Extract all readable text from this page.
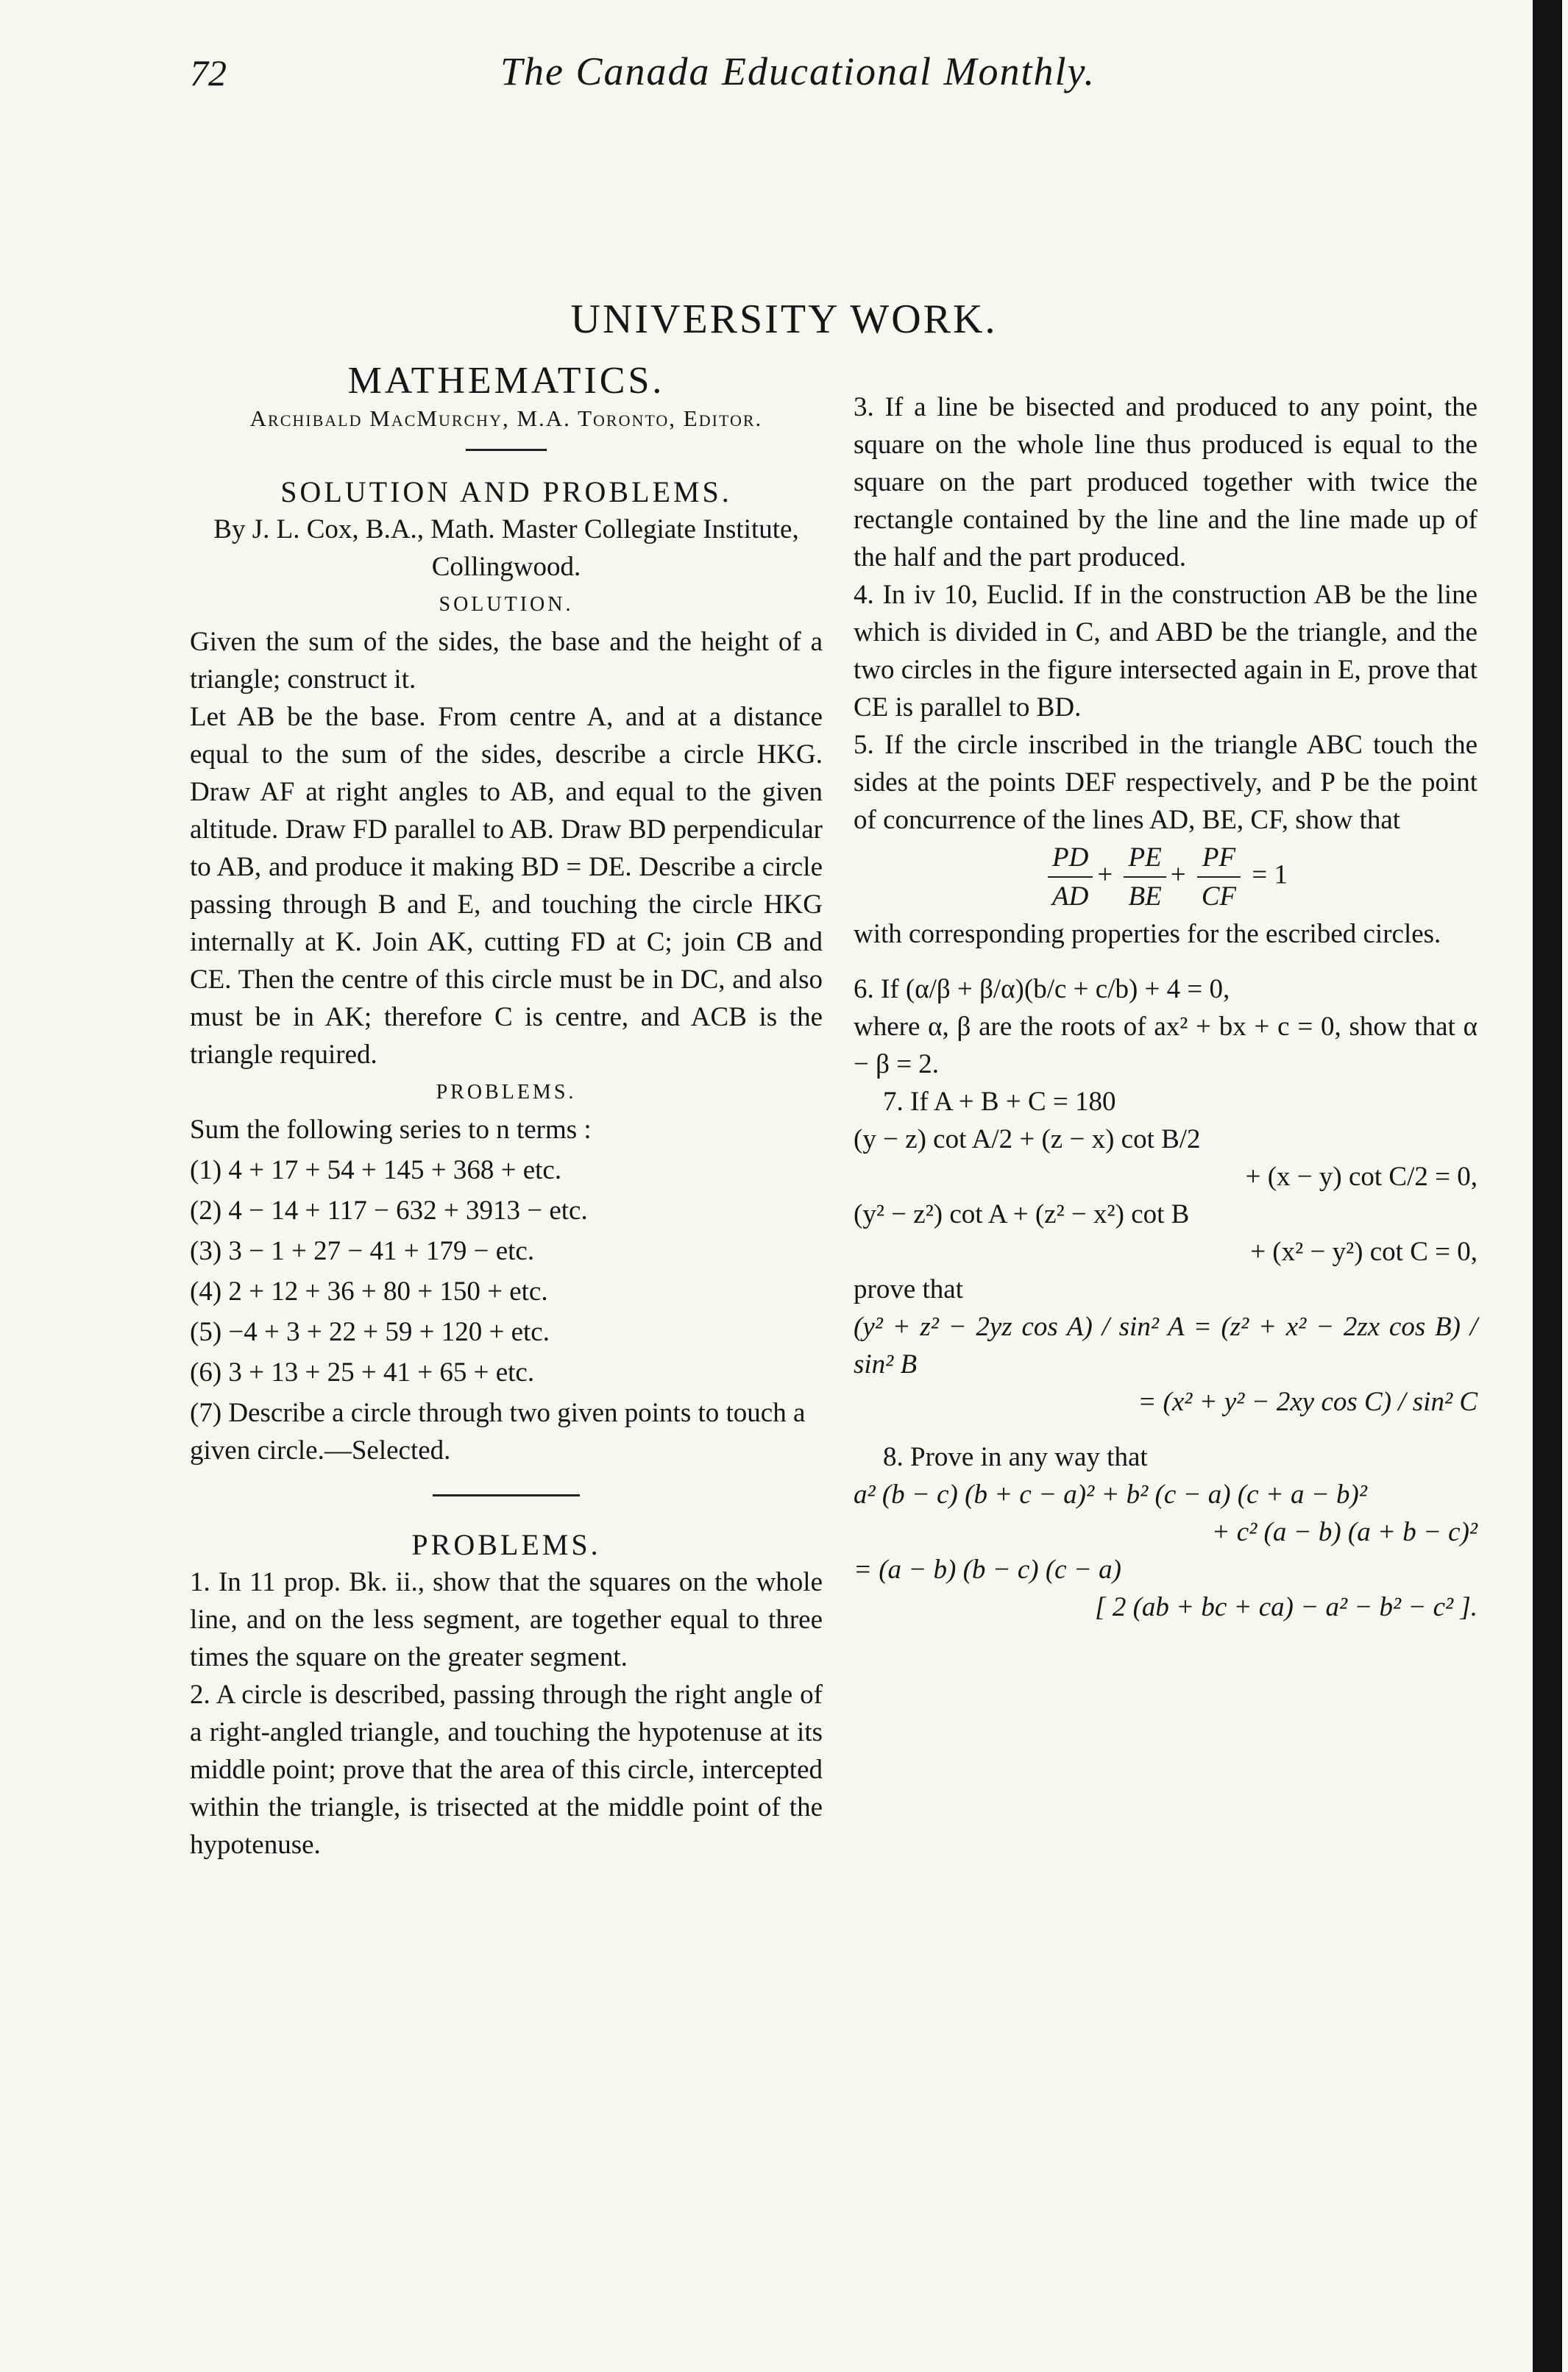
72	The Canada Educational Monthly.
UNIVERSITY WORK.

MATHEMATICS.

Archibald MacMurchy, M.A. Toronto, Editor.

SOLUTION AND PROBLEMS.

By J. L. Cox, B.A., Math. Master Collegiate Institute, Collingwood.

SOLUTION.

Given the sum of the sides, the base and the height of a triangle; construct it.

Let AB be the base. From centre A, and at a distance equal to the sum of the sides, describe a circle HKG. Draw AF at right angles to AB, and equal to the given altitude. Draw FD parallel to AB. Draw BD perpendicular to AB, and produce it making BD = DE. Describe a circle passing through B and E, and touching the circle HKG internally at K. Join AK, cutting FD at C; join CB and CE. Then the centre of this circle must be in DC, and also must be in AK; therefore C is centre, and ACB is the triangle required.

PROBLEMS.

Sum the following series to n terms :

(1) 4 + 17 + 54 + 145 + 368 + etc.
(2) 4 − 14 + 117 − 632 + 3913 − etc.
(3) 3 − 1 + 27 − 41 + 179 − etc.
(4) 2 + 12 + 36 + 80 + 150 + etc.
(5) −4 + 3 + 22 + 59 + 120 + etc.
(6) 3 + 13 + 25 + 41 + 65 + etc.
(7) Describe a circle through two given points to touch a given circle.—Selected.

PROBLEMS.

1. In 11 prop. Bk. ii., show that the squares on the whole line, and on the less segment, are together equal to three times the square on the greater segment.

2. A circle is described, passing through the right angle of a right-angled triangle, and touching the hypotenuse at its middle point; prove that the area of this circle, intercepted within the triangle, is trisected at the middle point of the hypotenuse.

3. If a line be bisected and produced to any point, the square on the whole line thus produced is equal to the square on the part produced together with twice the rectangle contained by the line and the line made up of the half and the part produced.

4. In iv 10, Euclid. If in the construction AB be the line which is divided in C, and ABD be the triangle, and the two circles in the figure intersected again in E, prove that CE is parallel to BD.

5. If the circle inscribed in the triangle ABC touch the sides at the points DEF respectively, and P be the point of concurrence of the lines AD, BE, CF, show that

$\frac{PD}{AD} + \frac{PE}{BE} + \frac{PF}{CF} = 1$

with corresponding properties for the escribed circles.

6. If (α/β + β/α)(b/c + c/b) + 4 = 0,

where α, β are the roots of ax² + bx + c = 0, show that α − β = 2.

7. If A + B + C = 180

(y − z) cot A/2 + (z − x) cot B/2

+ (x − y) cot C/2 = 0,

(y² − z²) cot A + (z² − x²) cot B

+ (x² − y²) cot C = 0,

prove that

(y² + z² − 2yz cos A) / sin² A = (z² + x² − 2zx cos B) / sin² B

= (x² + y² − 2xy cos C) / sin² C

8. Prove in any way that

a² (b − c) (b + c − a)² + b² (c − a) (c + a − b)²

+ c² (a − b) (a + b − c)²

= (a − b) (b − c) (c − a)

[ 2 (ab + bc + ca) − a² − b² − c² ].
